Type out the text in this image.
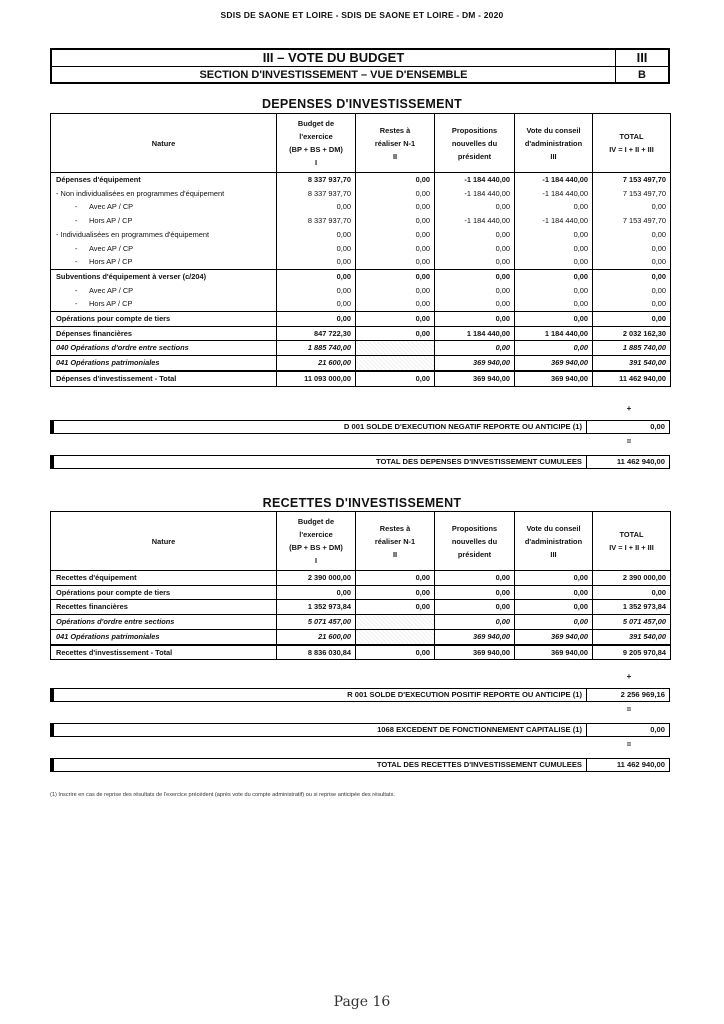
SDIS DE SAONE ET LOIRE - SDIS DE SAONE ET LOIRE - DM - 2020
III – VOTE DU BUDGET	III
SECTION D'INVESTISSEMENT – VUE D'ENSEMBLE	B
DEPENSES D'INVESTISSEMENT
Nature	Budget de
l'exercice
(BP + BS + DM)
I	Restes à
réaliser N-1
II	Propositions
nouvelles du
président	Vote du conseil
d'administration
III	TOTAL
IV = I + II + III

Dépenses d'équipement	8 337 937,70	0,00	-1 184 440,00	-1 184 440,00	7 153 497,70
- Non individualisées en programmes d'équipement	8 337 937,70	0,00	-1 184 440,00	-1 184 440,00	7 153 497,70
- Avec AP / CP	0,00	0,00	0,00	0,00	0,00
- Hors AP / CP	8 337 937,70	0,00	-1 184 440,00	-1 184 440,00	7 153 497,70
- Individualisées en programmes d'équipement	0,00	0,00	0,00	0,00	0,00
- Avec AP / CP	0,00	0,00	0,00	0,00	0,00
- Hors AP / CP	0,00	0,00	0,00	0,00	0,00
Subventions d'équipement à verser (c/204)	0,00	0,00	0,00	0,00	0,00
- Avec AP / CP	0,00	0,00	0,00	0,00	0,00
- Hors AP / CP	0,00	0,00	0,00	0,00	0,00
Opérations pour compte de tiers	0,00	0,00	0,00	0,00	0,00
Dépenses financières	847 722,30	0,00	1 184 440,00	1 184 440,00	2 032 162,30
040 Opérations d'ordre entre sections	1 885 740,00		0,00	0,00	1 885 740,00
041 Opérations patrimoniales	21 600,00		369 940,00	369 940,00	391 540,00
Dépenses d'investissement - Total	11 093 000,00	0,00	369 940,00	369 940,00	11 462 940,00
+
D 001 SOLDE D'EXECUTION NEGATIF REPORTE OU ANTICIPE (1)	0,00
=
TOTAL DES DEPENSES D'INVESTISSEMENT CUMULEES	11 462 940,00
RECETTES D'INVESTISSEMENT
Nature	Budget de
l'exercice
(BP + BS + DM)
I	Restes à
réaliser N-1
II	Propositions
nouvelles du
président	Vote du conseil
d'administration
III	TOTAL
IV = I + II + III

Recettes d'équipement	2 390 000,00	0,00	0,00	0,00	2 390 000,00
Opérations pour compte de tiers	0,00	0,00	0,00	0,00	0,00
Recettes financières	1 352 973,84	0,00	0,00	0,00	1 352 973,84
Opérations d'ordre entre sections	5 071 457,00		0,00	0,00	5 071 457,00
041 Opérations patrimoniales	21 600,00		369 940,00	369 940,00	391 540,00
Recettes d'investissement - Total	8 836 030,84	0,00	369 940,00	369 940,00	9 205 970,84
+
R 001 SOLDE D'EXECUTION POSITIF REPORTE OU ANTICIPE (1)	2 256 969,16
=
1068 EXCEDENT DE FONCTIONNEMENT CAPITALISE (1)	0,00
=
TOTAL DES RECETTES D'INVESTISSEMENT CUMULEES	11 462 940,00
(1) Inscrire en cas de reprise des résultats de l'exercice précédent (après vote du compte administratif) ou si reprise anticipée des résultats.
Page 16
